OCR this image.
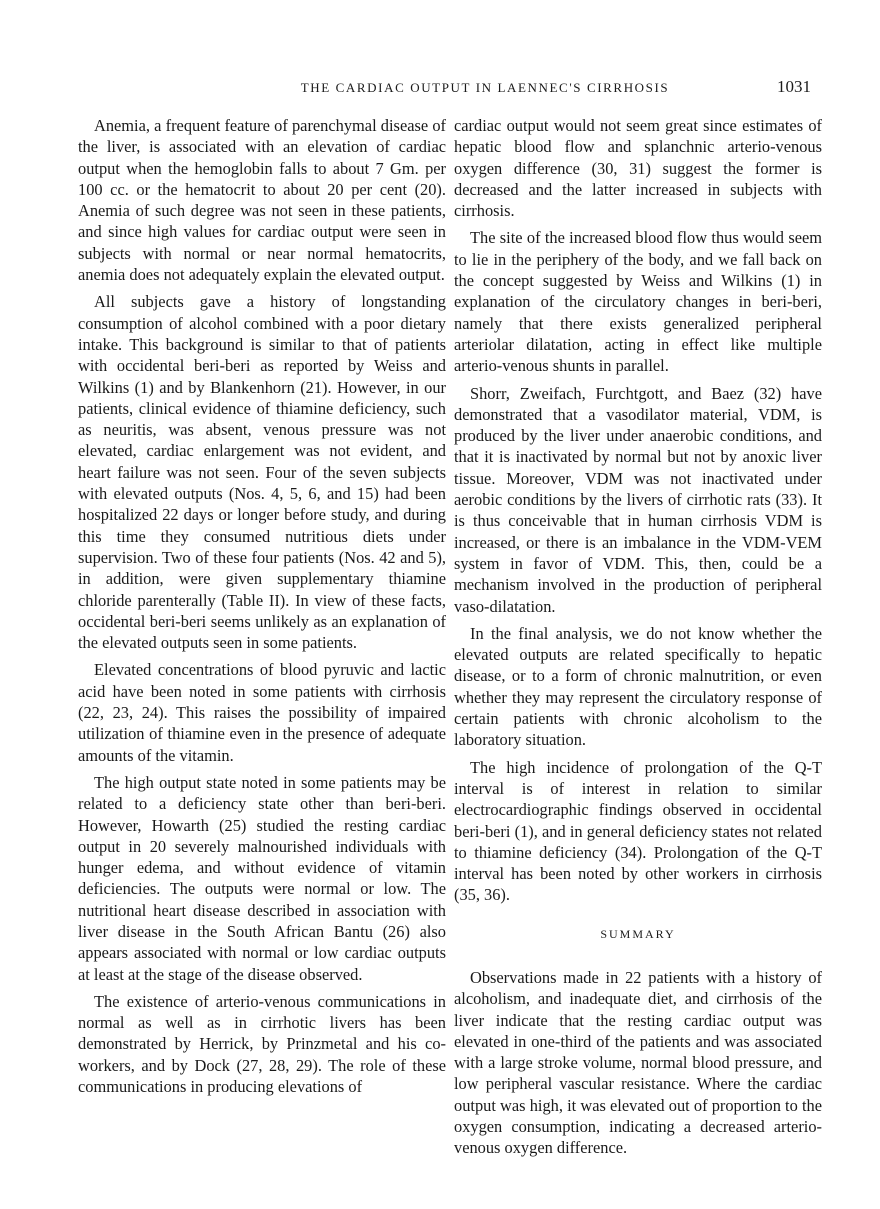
THE CARDIAC OUTPUT IN LAENNEC'S CIRRHOSIS	1031

Anemia, a frequent feature of parenchymal disease of the liver, is associated with an elevation of cardiac output when the hemoglobin falls to about 7 Gm. per 100 cc. or the hematocrit to about 20 per cent (20). Anemia of such degree was not seen in these patients, and since high values for cardiac output were seen in subjects with normal or near normal hematocrits, anemia does not adequately explain the elevated output.

All subjects gave a history of longstanding consumption of alcohol combined with a poor dietary intake. This background is similar to that of patients with occidental beri-beri as reported by Weiss and Wilkins (1) and by Blankenhorn (21). However, in our patients, clinical evidence of thiamine deficiency, such as neuritis, was absent, venous pressure was not elevated, cardiac enlargement was not evident, and heart failure was not seen. Four of the seven subjects with elevated outputs (Nos. 4, 5, 6, and 15) had been hospitalized 22 days or longer before study, and during this time they consumed nutritious diets under supervision. Two of these four patients (Nos. 42 and 5), in addition, were given supplementary thiamine chloride parenterally (Table II). In view of these facts, occidental beri-beri seems unlikely as an explanation of the elevated outputs seen in some patients.

Elevated concentrations of blood pyruvic and lactic acid have been noted in some patients with cirrhosis (22, 23, 24). This raises the possibility of impaired utilization of thiamine even in the presence of adequate amounts of the vitamin.

The high output state noted in some patients may be related to a deficiency state other than beri-beri. However, Howarth (25) studied the resting cardiac output in 20 severely malnourished individuals with hunger edema, and without evidence of vitamin deficiencies. The outputs were normal or low. The nutritional heart disease described in association with liver disease in the South African Bantu (26) also appears associated with normal or low cardiac outputs at least at the stage of the disease observed.

The existence of arterio-venous communications in normal as well as in cirrhotic livers has been demonstrated by Herrick, by Prinzmetal and his co-workers, and by Dock (27, 28, 29). The role of these communications in producing elevations of

cardiac output would not seem great since estimates of hepatic blood flow and splanchnic arterio-venous oxygen difference (30, 31) suggest the former is decreased and the latter increased in subjects with cirrhosis.

The site of the increased blood flow thus would seem to lie in the periphery of the body, and we fall back on the concept suggested by Weiss and Wilkins (1) in explanation of the circulatory changes in beri-beri, namely that there exists generalized peripheral arteriolar dilatation, acting in effect like multiple arterio-venous shunts in parallel.

Shorr, Zweifach, Furchtgott, and Baez (32) have demonstrated that a vasodilator material, VDM, is produced by the liver under anaerobic conditions, and that it is inactivated by normal but not by anoxic liver tissue. Moreover, VDM was not inactivated under aerobic conditions by the livers of cirrhotic rats (33). It is thus conceivable that in human cirrhosis VDM is increased, or there is an imbalance in the VDM-VEM system in favor of VDM. This, then, could be a mechanism involved in the production of peripheral vaso-dilatation.

In the final analysis, we do not know whether the elevated outputs are related specifically to hepatic disease, or to a form of chronic malnutrition, or even whether they may represent the circulatory response of certain patients with chronic alcoholism to the laboratory situation.

The high incidence of prolongation of the Q-T interval is of interest in relation to similar electrocardiographic findings observed in occidental beri-beri (1), and in general deficiency states not related to thiamine deficiency (34). Prolongation of the Q-T interval has been noted by other workers in cirrhosis (35, 36).

SUMMARY

Observations made in 22 patients with a history of alcoholism, and inadequate diet, and cirrhosis of the liver indicate that the resting cardiac output was elevated in one-third of the patients and was associated with a large stroke volume, normal blood pressure, and low peripheral vascular resistance. Where the cardiac output was high, it was elevated out of proportion to the oxygen consumption, indicating a decreased arterio-venous oxygen difference.
